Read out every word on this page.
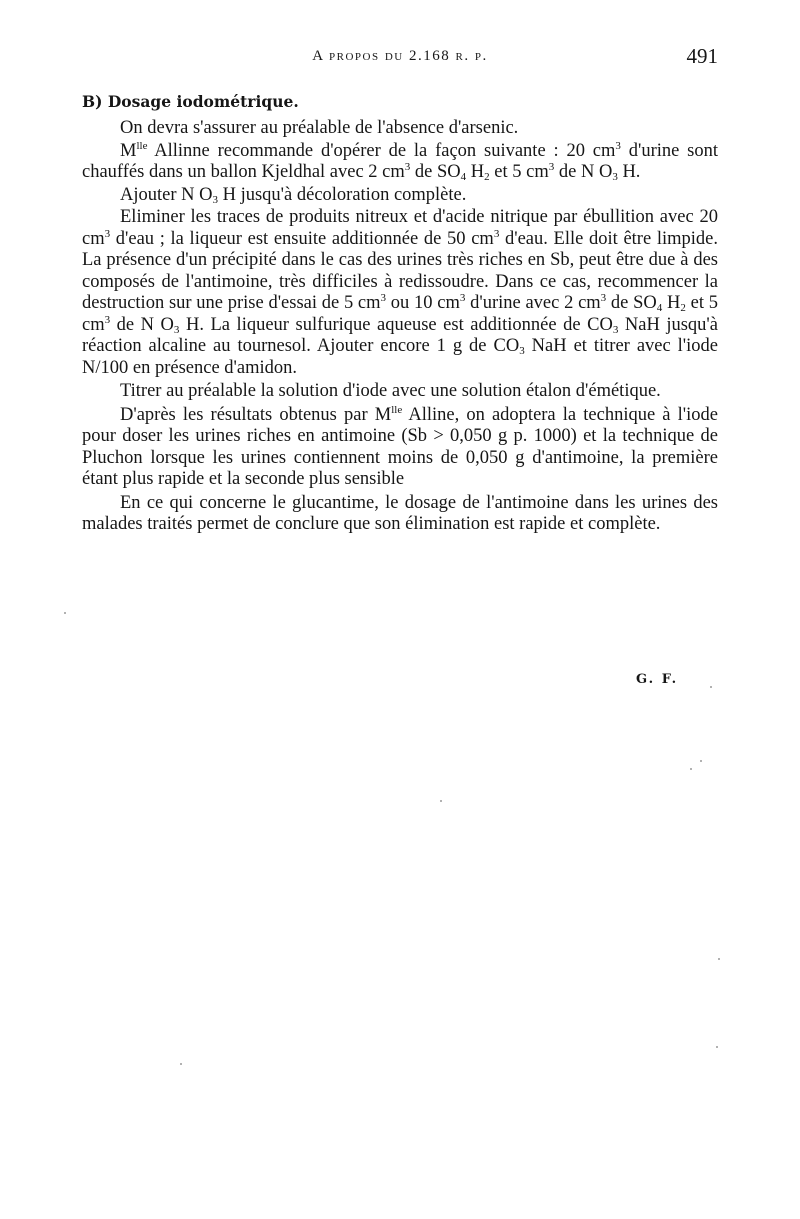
A propos du 2.168 r. p.	491
B) Dosage iodométrique.

On devra s'assurer au préalable de l'absence d'arsenic.

$M^{lle}$ Allinne recommande d'opérer de la façon suivante : 20 $cm^3$ d'urine sont chauffés dans un ballon Kjeldhal avec 2 $cm^3$ de $SO_4$ $H_2$ et 5 $cm^3$ de N $O_3$ H.

Ajouter N $O_3$ H jusqu'à décoloration complète.

Eliminer les traces de produits nitreux et d'acide nitrique par ébullition avec 20 $cm^3$ d'eau ; la liqueur est ensuite additionnée de 50 $cm^3$ d'eau. Elle doit être limpide. La présence d'un précipité dans le cas des urines très riches en Sb, peut être due à des composés de l'antimoine, très difficiles à redissoudre. Dans ce cas, recommencer la destruction sur une prise d'essai de 5 $cm^3$ ou 10 $cm^3$ d'urine avec 2 $cm^3$ de $SO_4$ $H_2$ et 5 $cm^3$ de N $O_3$ H. La liqueur sulfurique aqueuse est additionnée de $CO_3$ NaH jusqu'à réaction alcaline au tournesol. Ajouter encore 1 g de $CO_3$ NaH et titrer avec l'iode N/100 en présence d'amidon.

Titrer au préalable la solution d'iode avec une solution étalon d'émétique.

D'après les résultats obtenus par $M^{lle}$ Alline, on adoptera la technique à l'iode pour doser les urines riches en antimoine (Sb > 0,050 g p. 1000) et la technique de Pluchon lorsque les urines contiennent moins de 0,050 g d'antimoine, la première étant plus rapide et la seconde plus sensible

En ce qui concerne le glucantime, le dosage de l'antimoine dans les urines des malades traités permet de conclure que son élimination est rapide et complète.

G. F.
